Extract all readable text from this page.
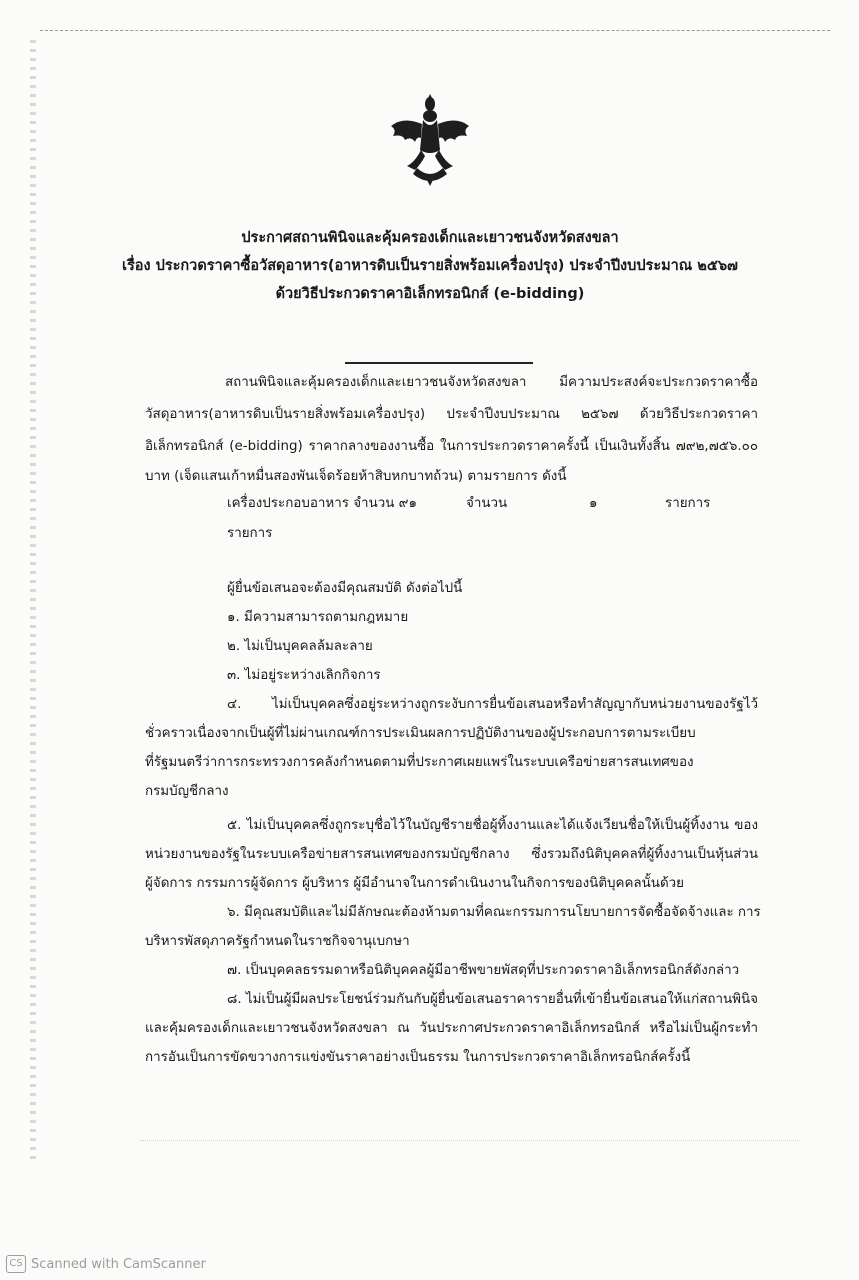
ประกาศสถานพินิจและคุ้มครองเด็กและเยาวชนจังหวัดสงขลา
เรื่อง ประกวดราคาซื้อวัสดุอาหาร(อาหารดิบเป็นรายสิ่งพร้อมเครื่องปรุง) ประจำปีงบประมาณ ๒๕๖๗
ด้วยวิธีประกวดราคาอิเล็กทรอนิกส์ (e-bidding)
สถานพินิจและคุ้มครองเด็กและเยาวชนจังหวัดสงขลา มีความประสงค์จะประกวดราคาซื้อ
วัสดุอาหาร(อาหารดิบเป็นรายสิ่งพร้อมเครื่องปรุง) ประจำปีงบประมาณ ๒๕๖๗ ด้วยวิธีประกวดราคา
อิเล็กทรอนิกส์ (e-bidding) ราคากลางของงานซื้อ ในการประกวดราคาครั้งนี้ เป็นเงินทั้งสิ้น ๗๙๒,๗๕๖.๐๐
บาท (เจ็ดแสนเก้าหมื่นสองพันเจ็ดร้อยห้าสิบหกบาทถ้วน) ตามรายการ ดังนี้
เครื่องประกอบอาหาร จำนวน ๙๑	จำนวน	๑	รายการ
รายการ
ผู้ยื่นข้อเสนอจะต้องมีคุณสมบัติ ดังต่อไปนี้
๑. มีความสามารถตามกฎหมาย
๒. ไม่เป็นบุคคลล้มละลาย
๓. ไม่อยู่ระหว่างเลิกกิจการ
๔. ไม่เป็นบุคคลซึ่งอยู่ระหว่างถูกระงับการยื่นข้อเสนอหรือทำสัญญากับหน่วยงานของรัฐไว้
ชั่วคราวเนื่องจากเป็นผู้ที่ไม่ผ่านเกณฑ์การประเมินผลการปฏิบัติงานของผู้ประกอบการตามระเบียบ
ที่รัฐมนตรีว่าการกระทรวงการคลังกำหนดตามที่ประกาศเผยแพร่ในระบบเครือข่ายสารสนเทศของ
กรมบัญชีกลาง
๕. ไม่เป็นบุคคลซึ่งถูกระบุชื่อไว้ในบัญชีรายชื่อผู้ทิ้งงานและได้แจ้งเวียนชื่อให้เป็นผู้ทิ้งงาน ของ
หน่วยงานของรัฐในระบบเครือข่ายสารสนเทศของกรมบัญชีกลาง ซึ่งรวมถึงนิติบุคคลที่ผู้ทิ้งงานเป็นหุ้นส่วน
ผู้จัดการ กรรมการผู้จัดการ ผู้บริหาร ผู้มีอำนาจในการดำเนินงานในกิจการของนิติบุคคลนั้นด้วย
๖. มีคุณสมบัติและไม่มีลักษณะต้องห้ามตามที่คณะกรรมการนโยบายการจัดซื้อจัดจ้างและ การ
บริหารพัสดุภาครัฐกำหนดในราชกิจจานุเบกษา
๗. เป็นบุคคลธรรมดาหรือนิติบุคคลผู้มีอาชีพขายพัสดุที่ประกวดราคาอิเล็กทรอนิกส์ดังกล่าว
๘. ไม่เป็นผู้มีผลประโยชน์ร่วมกันกับผู้ยื่นข้อเสนอราคารายอื่นที่เข้ายื่นข้อเสนอให้แก่สถานพินิจ
และคุ้มครองเด็กและเยาวชนจังหวัดสงขลา ณ วันประกาศประกวดราคาอิเล็กทรอนิกส์ หรือไม่เป็นผู้กระทำ
การอันเป็นการขัดขวางการแข่งขันราคาอย่างเป็นธรรม ในการประกวดราคาอิเล็กทรอนิกส์ครั้งนี้
CS Scanned with CamScanner
